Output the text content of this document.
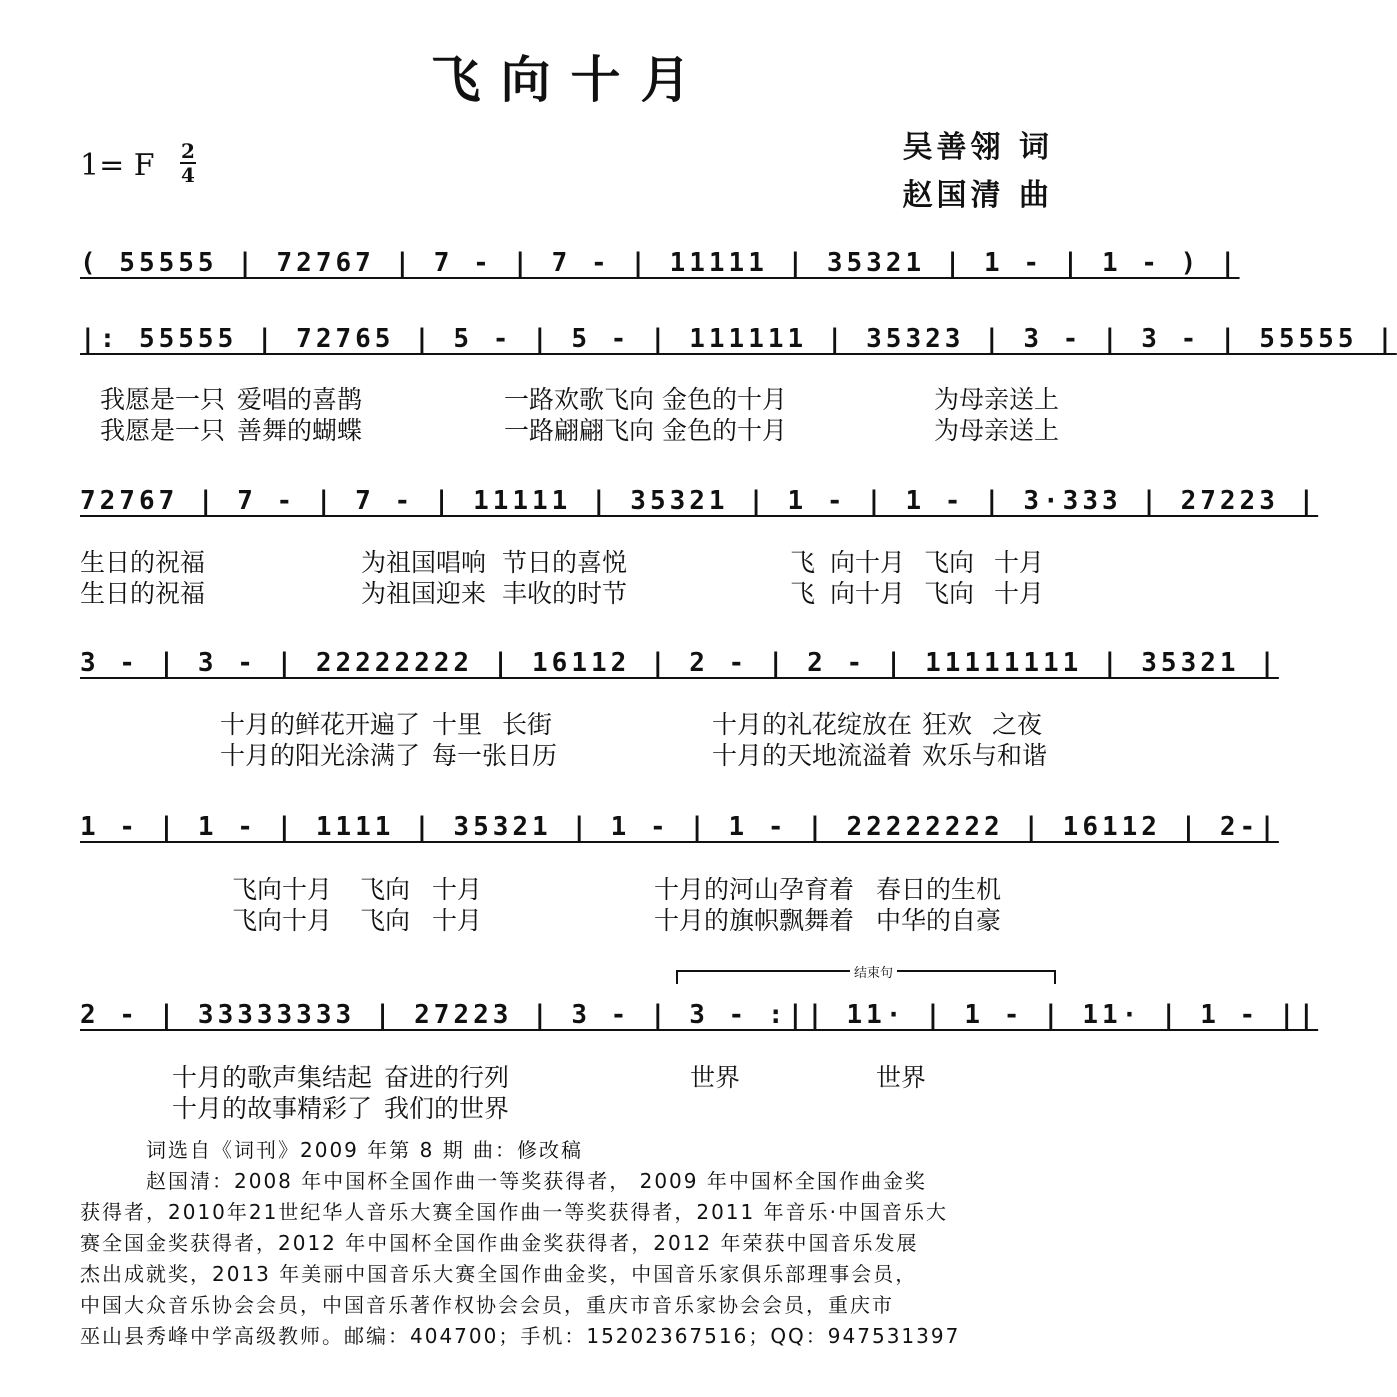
飞向十月
1= F $\frac{2}{4}$	吴善翎 词
赵国清 曲
( 55555 | 72767 | 7 - | 7 - | 11111 | 35321 | 1 - | 1 - ) |
|: 55555 | 72765 | 5 - | 5 - | 111111 | 35323 | 3 - | 3 - | 55555 |
72767 | 7 - | 7 - | 11111 | 35321 | 1 - | 1 - | 3·333 | 27223 |
3 - | 3 - | 22222222 | 16112 | 2 - | 2 - | 11111111 | 35321 |
1 - | 1 - | 1111 | 35321 | 1 - | 1 - | 22222222 | 16112 | 2-|
2 - | 33333333 | 27223 | 3 - | 3 - :|| 11· | 1 - | 11· | 1 - ||
我愿是一只 爱唱的喜鹊	一路欢歌飞向 金色的十月	为母亲送上
我愿是一只 善舞的蝴蝶	一路翩翩飞向 金色的十月	为母亲送上
生日的祝福	为祖国唱响 节日的喜悦	飞 向十月 飞向 十月
生日的祝福	为祖国迎来 丰收的时节	飞 向十月 飞向 十月
十月的鲜花开遍了 十里 长街	十月的礼花绽放在 狂欢 之夜
十月的阳光涂满了 每一张日历	十月的天地流溢着 欢乐与和谐
飞向十月 飞向 十月	十月的河山孕育着 春日的生机
飞向十月 飞向 十月	十月的旗帜飘舞着 中华的自豪
结束句
十月的歌声集结起 奋进的行列	世界	世界
十月的故事精彩了 我们的世界
词选自《词刊》2009 年第 8 期 曲：修改稿
赵国清：2008 年中国杯全国作曲一等奖获得者， 2009 年中国杯全国作曲金奖
获得者，2010年21世纪华人音乐大赛全国作曲一等奖获得者，2011 年音乐·中国音乐大
赛全国金奖获得者，2012 年中国杯全国作曲金奖获得者，2012 年荣获中国音乐发展
杰出成就奖，2013 年美丽中国音乐大赛全国作曲金奖，中国音乐家俱乐部理事会员，
中国大众音乐协会会员，中国音乐著作权协会会员，重庆市音乐家协会会员，重庆市
巫山县秀峰中学高级教师。邮编：404700；手机：15202367516；QQ：947531397
